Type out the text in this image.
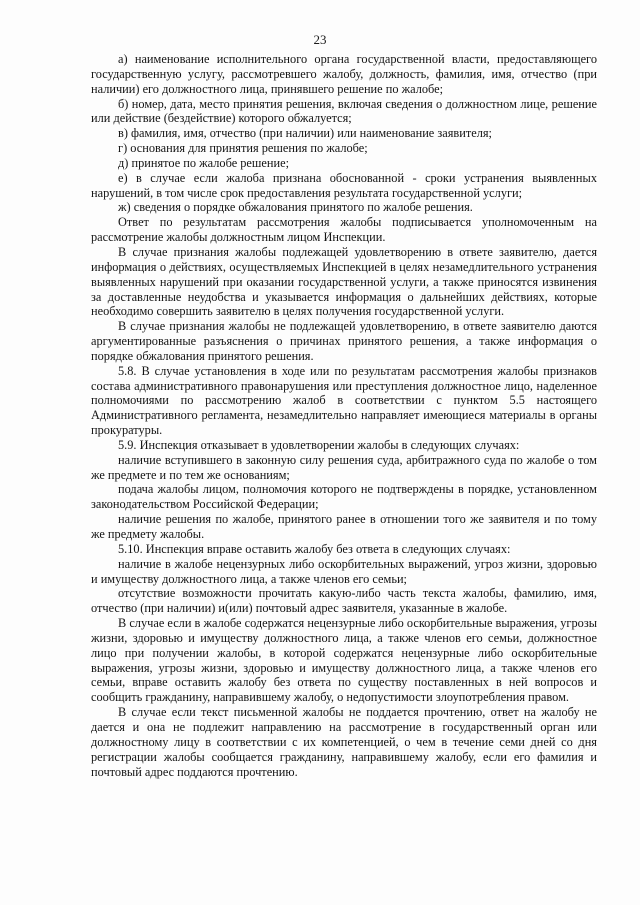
23

а) наименование исполнительного органа государственной власти, предоставляющего государственную услугу, рассмотревшего жалобу, должность, фамилия, имя, отчество (при наличии) его должностного лица, принявшего решение по жалобе;

б) номер, дата, место принятия решения, включая сведения о должностном лице, решение или действие (бездействие) которого обжалуется;

в) фамилия, имя, отчество (при наличии) или наименование заявителя;

г) основания для принятия решения по жалобе;

д) принятое по жалобе решение;

е) в случае если жалоба признана обоснованной - сроки устранения выявленных нарушений, в том числе срок предоставления результата государственной услуги;

ж) сведения о порядке обжалования принятого по жалобе решения.

Ответ по результатам рассмотрения жалобы подписывается уполномоченным на рассмотрение жалобы должностным лицом Инспекции.

В случае признания жалобы подлежащей удовлетворению в ответе заявителю, дается информация о действиях, осуществляемых Инспекцией в целях незамедлительного устранения выявленных нарушений при оказании государственной услуги, а также приносятся извинения за доставленные неудобства и указывается информация о дальнейших действиях, которые необходимо совершить заявителю в целях получения государственной услуги.

В случае признания жалобы не подлежащей удовлетворению, в ответе заявителю даются аргументированные разъяснения о причинах принятого решения, а также информация о порядке обжалования принятого решения.

5.8. В случае установления в ходе или по результатам рассмотрения жалобы признаков состава административного правонарушения или преступления должностное лицо, наделенное полномочиями по рассмотрению жалоб в соответствии с пунктом 5.5 настоящего Административного регламента, незамедлительно направляет имеющиеся материалы в органы прокуратуры.

5.9. Инспекция отказывает в удовлетворении жалобы в следующих случаях:

наличие вступившего в законную силу решения суда, арбитражного суда по жалобе о том же предмете и по тем же основаниям;

подача жалобы лицом, полномочия которого не подтверждены в порядке, установленном законодательством Российской Федерации;

наличие решения по жалобе, принятого ранее в отношении того же заявителя и по тому же предмету жалобы.

5.10. Инспекция вправе оставить жалобу без ответа в следующих случаях:

наличие в жалобе нецензурных либо оскорбительных выражений, угроз жизни, здоровью и имуществу должностного лица, а также членов его семьи;

отсутствие возможности прочитать какую-либо часть текста жалобы, фамилию, имя, отчество (при наличии) и(или) почтовый адрес заявителя, указанные в жалобе.

В случае если в жалобе содержатся нецензурные либо оскорбительные выражения, угрозы жизни, здоровью и имуществу должностного лица, а также членов его семьи, должностное лицо при получении жалобы, в которой содержатся нецензурные либо оскорбительные выражения, угрозы жизни, здоровью и имуществу должностного лица, а также членов его семьи, вправе оставить жалобу без ответа по существу поставленных в ней вопросов и сообщить гражданину, направившему жалобу, о недопустимости злоупотребления правом.

В случае если текст письменной жалобы не поддается прочтению, ответ на жалобу не дается и она не подлежит направлению на рассмотрение в государственный орган или должностному лицу в соответствии с их компетенцией, о чем в течение семи дней со дня регистрации жалобы сообщается гражданину, направившему жалобу, если его фамилия и почтовый адрес поддаются прочтению.
